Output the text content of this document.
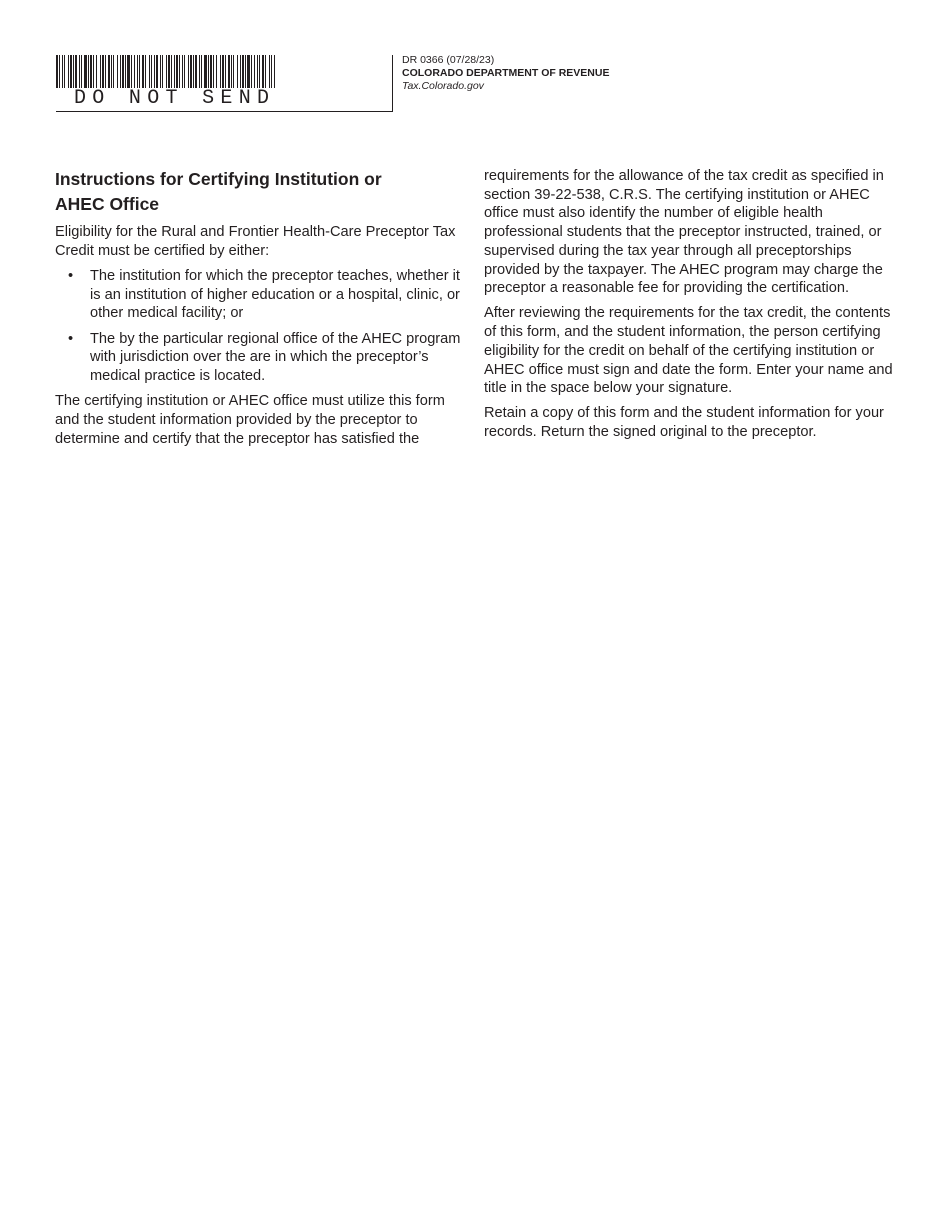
DO NOT SEND
DR 0366 (07/28/23)
COLORADO DEPARTMENT OF REVENUE
Tax.Colorado.gov
Instructions for Certifying Institution or
AHEC Office

Eligibility for the Rural and Frontier Health-Care Preceptor Tax Credit must be certified by either:

• The institution for which the preceptor teaches, whether it is an institution of higher education or a hospital, clinic, or other medical facility; or
• The by the particular regional office of the AHEC program with jurisdiction over the are in which the preceptor’s medical practice is located.

The certifying institution or AHEC office must utilize this form and the student information provided by the preceptor to determine and certify that the preceptor has satisfied the

requirements for the allowance of the tax credit as specified in section 39-22-538, C.R.S. The certifying institution or AHEC office must also identify the number of eligible health professional students that the preceptor instructed, trained, or supervised during the tax year through all preceptorships provided by the taxpayer. The AHEC program may charge the preceptor a reasonable fee for providing the certification.

After reviewing the requirements for the tax credit, the contents of this form, and the student information, the person certifying eligibility for the credit on behalf of the certifying institution or AHEC office must sign and date the form. Enter your name and title in the space below your signature.

Retain a copy of this form and the student information for your records. Return the signed original to the preceptor.
